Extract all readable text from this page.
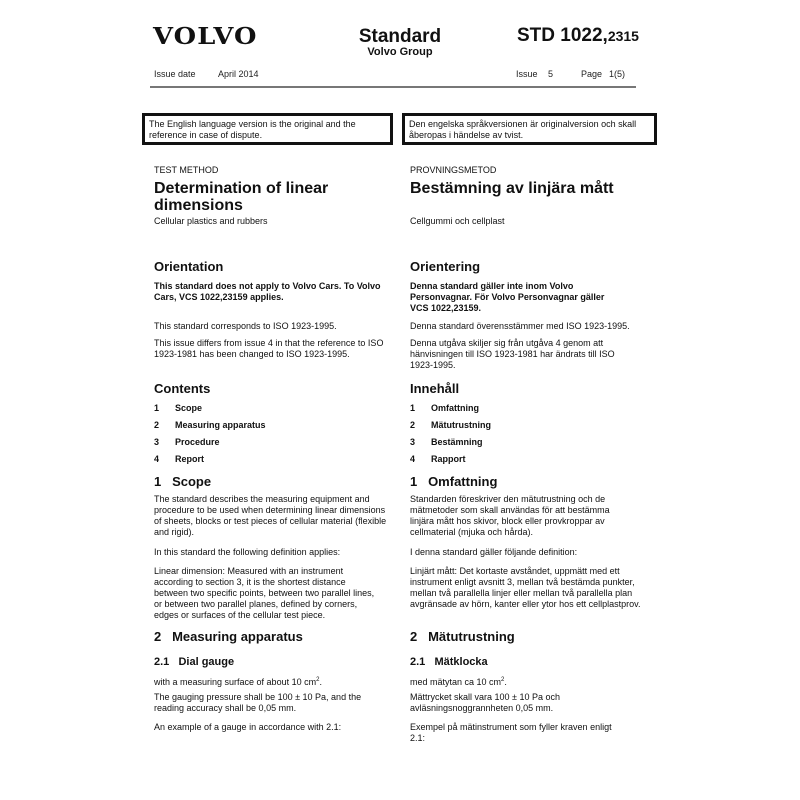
VOLVO	Standard
Volvo Group
STD 1022,2315
Issue date April 2014	Issue 5	Page 1(5)
The English language version is the original and the reference in case of dispute.
Den engelska språkversionen är originalversion och skall åberopas i händelse av tvist.
TEST METHOD
Determination of linear dimensions
Cellular plastics and rubbers
Orientation
This standard does not apply to Volvo Cars. To Volvo Cars, VCS 1022,23159 applies.
This standard corresponds to ISO 1923-1995.
This issue differs from issue 4 in that the reference to ISO 1923-1981 has been changed to ISO 1923-1995.
Contents
1	Scope
2	Measuring apparatus
3	Procedure
4	Report
1   Scope
The standard describes the measuring equipment and procedure to be used when determining linear dimensions of sheets, blocks or test pieces of cellular material (flexible and rigid).
In this standard the following definition applies:
Linear dimension: Measured with an instrument according to section 3, it is the shortest distance between two specific points, between two parallel lines, or between two parallel planes, defined by corners, edges or surfaces of the cellular test piece.
2   Measuring apparatus
2.1   Dial gauge
with a measuring surface of about 10 $cm^2$.
The gauging pressure shall be 100 ± 10 Pa, and the reading accuracy shall be 0,05 mm.
An example of a gauge in accordance with 2.1:
PROVNINGSMETOD
Bestämning av linjära mått
Cellgummi och cellplast
Orientering
Denna standard gäller inte inom Volvo Personvagnar. För Volvo Personvagnar gäller VCS 1022,23159.
Denna standard överensstämmer med ISO 1923-1995.
Denna utgåva skiljer sig från utgåva 4 genom att hänvisningen till ISO 1923-1981 har ändrats till ISO 1923-1995.
Innehåll
1	Omfattning
2	Mätutrustning
3	Bestämning
4	Rapport
1   Omfattning
Standarden föreskriver den mätutrustning och de mätmetoder som skall användas för att bestämma linjära mått hos skivor, block eller provkroppar av cellmaterial (mjuka och hårda).
I denna standard gäller följande definition:
Linjärt mått: Det kortaste avståndet, uppmätt med ett instrument enligt avsnitt 3, mellan två bestämda punkter, mellan två parallella linjer eller mellan två parallella plan avgränsade av hörn, kanter eller ytor hos ett cellplastprov.
2   Mätutrustning
2.1   Mätklocka
med mätytan ca 10 $cm^2$.
Mättrycket skall vara 100 ± 10 Pa och avläsningsnoggrannheten 0,05 mm.
Exempel på mätinstrument som fyller kraven enligt 2.1:
